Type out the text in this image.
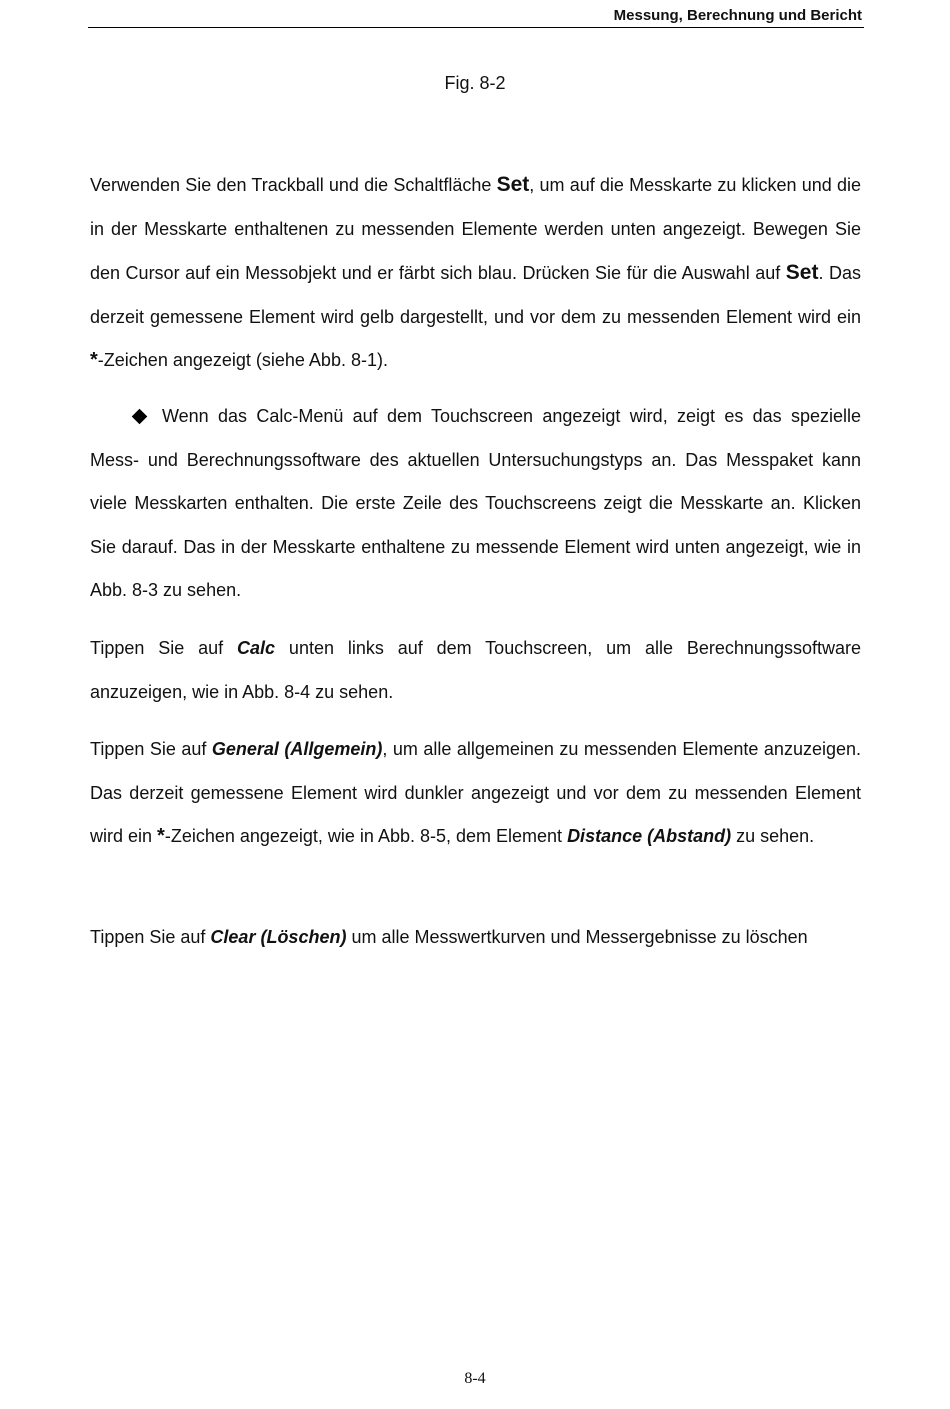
Messung, Berechnung und Bericht
Fig. 8-2

Verwenden Sie den Trackball und die Schaltfläche Set, um auf die Messkarte zu klicken und die in der Messkarte enthaltenen zu messenden Elemente werden unten angezeigt. Bewegen Sie den Cursor auf ein Messobjekt und er färbt sich blau. Drücken Sie für die Auswahl auf Set. Das derzeit gemessene Element wird gelb dargestellt, und vor dem zu messenden Element wird ein *-Zeichen angezeigt (siehe Abb. 8-1).

Wenn das Calc-Menü auf dem Touchscreen angezeigt wird, zeigt es das spezielle Mess- und Berechnungssoftware des aktuellen Untersuchungstyps an. Das Messpaket kann viele Messkarten enthalten. Die erste Zeile des Touchscreens zeigt die Messkarte an. Klicken Sie darauf. Das in der Messkarte enthaltene zu messende Element wird unten angezeigt, wie in Abb. 8-3 zu sehen.

Tippen Sie auf Calc unten links auf dem Touchscreen, um alle Berechnungssoftware anzuzeigen, wie in Abb. 8-4 zu sehen.

Tippen Sie auf General (Allgemein), um alle allgemeinen zu messenden Elemente anzuzeigen. Das derzeit gemessene Element wird dunkler angezeigt und vor dem zu messenden Element wird ein *-Zeichen angezeigt, wie in Abb. 8-5, dem Element Distance (Abstand) zu sehen.

Tippen Sie auf Clear (Löschen) um alle Messwertkurven und Messergebnisse zu löschen

8-4
